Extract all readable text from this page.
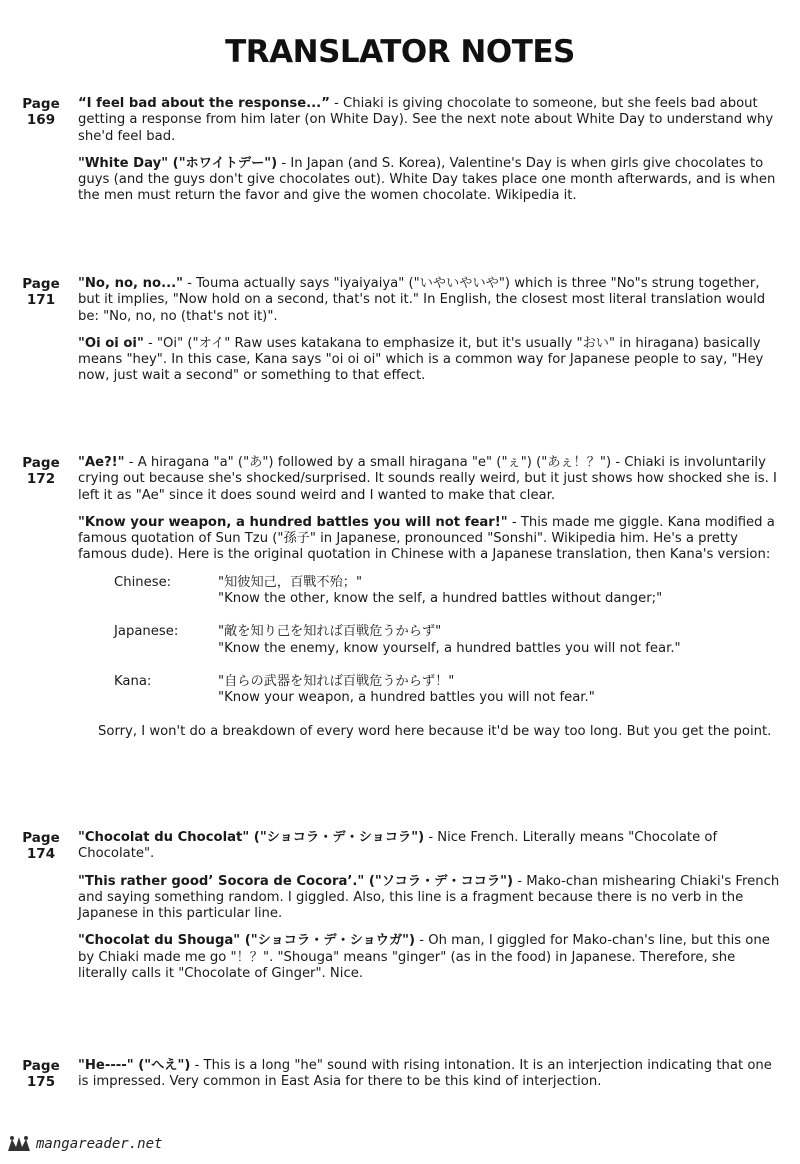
TRANSLATOR NOTES
Page
169

“I feel bad about the response...” - Chiaki is giving chocolate to someone, but she feels bad about getting a response from him later (on White Day). See the next note about White Day to understand why she'd feel bad.

"White Day" ("ホワイトデー") - In Japan (and S. Korea), Valentine's Day is when girls give chocolates to guys (and the guys don't give chocolates out). White Day takes place one month afterwards, and is when the men must return the favor and give the women chocolate. Wikipedia it.

Page
171

"No, no, no..." - Touma actually says "iyaiyaiya" ("いやいやいや") which is three "No"s strung together, but it implies, "Now hold on a second, that's not it." In English, the closest most literal translation would be: "No, no, no (that's not it)".

"Oi oi oi" - "Oi" ("オイ" Raw uses katakana to emphasize it, but it's usually "おい" in hiragana) basically means "hey". In this case, Kana says "oi oi oi" which is a common way for Japanese people to say, "Hey now, just wait a second" or something to that effect.

Page
172

"Ae?!" - A hiragana "a" ("あ") followed by a small hiragana "e" ("ぇ") ("あぇ！？") - Chiaki is involuntarily crying out because she's shocked/surprised. It sounds really weird, but it just shows how shocked she is. I left it as "Ae" since it does sound weird and I wanted to make that clear.

"Know your weapon, a hundred battles you will not fear!" - This made me giggle. Kana modified a famous quotation of Sun Tzu ("孫子" in Japanese, pronounced "Sonshi". Wikipedia him. He's a pretty famous dude). Here is the original quotation in Chinese with a Japanese translation, then Kana's version:

Chinese:	"知彼知己，百戰不殆；"
"Know the other, know the self, a hundred battles without danger;"
Japanese:	"敵を知り己を知れば百戦危うからず"
"Know the enemy, know yourself, a hundred battles you will not fear."
Kana:	"自らの武器を知れば百戦危うからず！"
"Know your weapon, a hundred battles you will not fear."

Sorry, I won't do a breakdown of every word here because it'd be way too long. But you get the point.

Page
174

"Chocolat du Chocolat" ("ショコラ・デ・ショコラ") - Nice French. Literally means "Chocolate of Chocolate".

"This rather good’ Socora de Cocora’." ("ソコラ・デ・ココラ") - Mako-chan mishearing Chiaki's French and saying something random. I giggled. Also, this line is a fragment because there is no verb in the Japanese in this particular line.

"Chocolat du Shouga" ("ショコラ・デ・ショウガ") - Oh man, I giggled for Mako-chan's line, but this one by Chiaki made me go "！？". "Shouga" means "ginger" (as in the food) in Japanese. Therefore, she literally calls it "Chocolate of Ginger". Nice.

Page
175

"He----" ("へえ") - This is a long "he" sound with rising intonation. It is an interjection indicating that one is impressed. Very common in East Asia for there to be this kind of interjection.

mangareader.net
